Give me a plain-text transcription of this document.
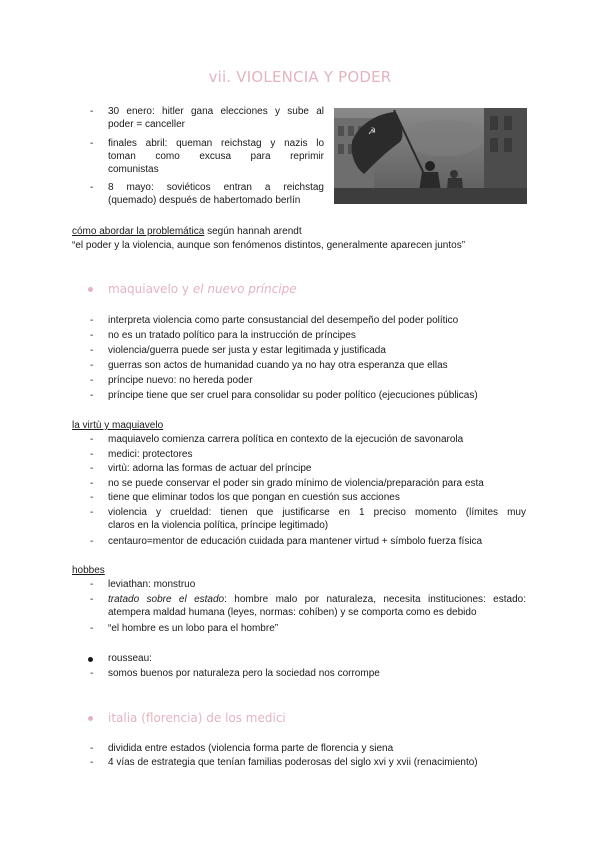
vii. VIOLENCIA Y PODER
- 30 enero: hitler gana elecciones y sube al
poder = canceller
- finales abril: queman reichstag y nazis lo
toman como excusa para reprimir
comunistas
- 8 mayo: soviéticos entran a reichstag
(quemado) después de habertomado berlín
☭
cómo abordar la problemática según hannah arendt
“el poder y la violencia, aunque son fenómenos distintos, generalmente aparecen juntos”
maquiavelo y el nuevo príncipe
- interpreta violencia como parte consustancial del desempeño del poder político
- no es un tratado político para la instrucción de príncipes
- violencia/guerra puede ser justa y estar legitimada y justificada
- guerras son actos de humanidad cuando ya no hay otra esperanza que ellas
- príncipe nuevo: no hereda poder
- príncipe tiene que ser cruel para consolidar su poder político (ejecuciones públicas)
la virtù y maquiavelo
- maquiavelo comienza carrera política en contexto de la ejecución de savonarola
- medici: protectores
- virtù: adorna las formas de actuar del príncipe
- no se puede conservar el poder sin grado mínimo de violencia/preparación para esta
- tiene que eliminar todos los que pongan en cuestión sus acciones
- violencia y crueldad: tienen que justificarse en 1 preciso momento (límites muy
claros en la violencia política, príncipe legitimado)
- centauro=mentor de educación cuidada para mantener virtud + símbolo fuerza física
hobbes
- leviathan: monstruo
- tratado sobre el estado: hombre malo por naturaleza, necesita instituciones: estado:
atempera maldad humana (leyes, normas: cohíben) y se comporta como es debido
- “el hombre es un lobo para el hombre”
rousseau:
- somos buenos por naturaleza pero la sociedad nos corrompe
italia (florencia) de los medici
- dividida entre estados (violencia forma parte de florencia y siena
- 4 vías de estrategia que tenían familias poderosas del siglo xvi y xvii (renacimiento)
